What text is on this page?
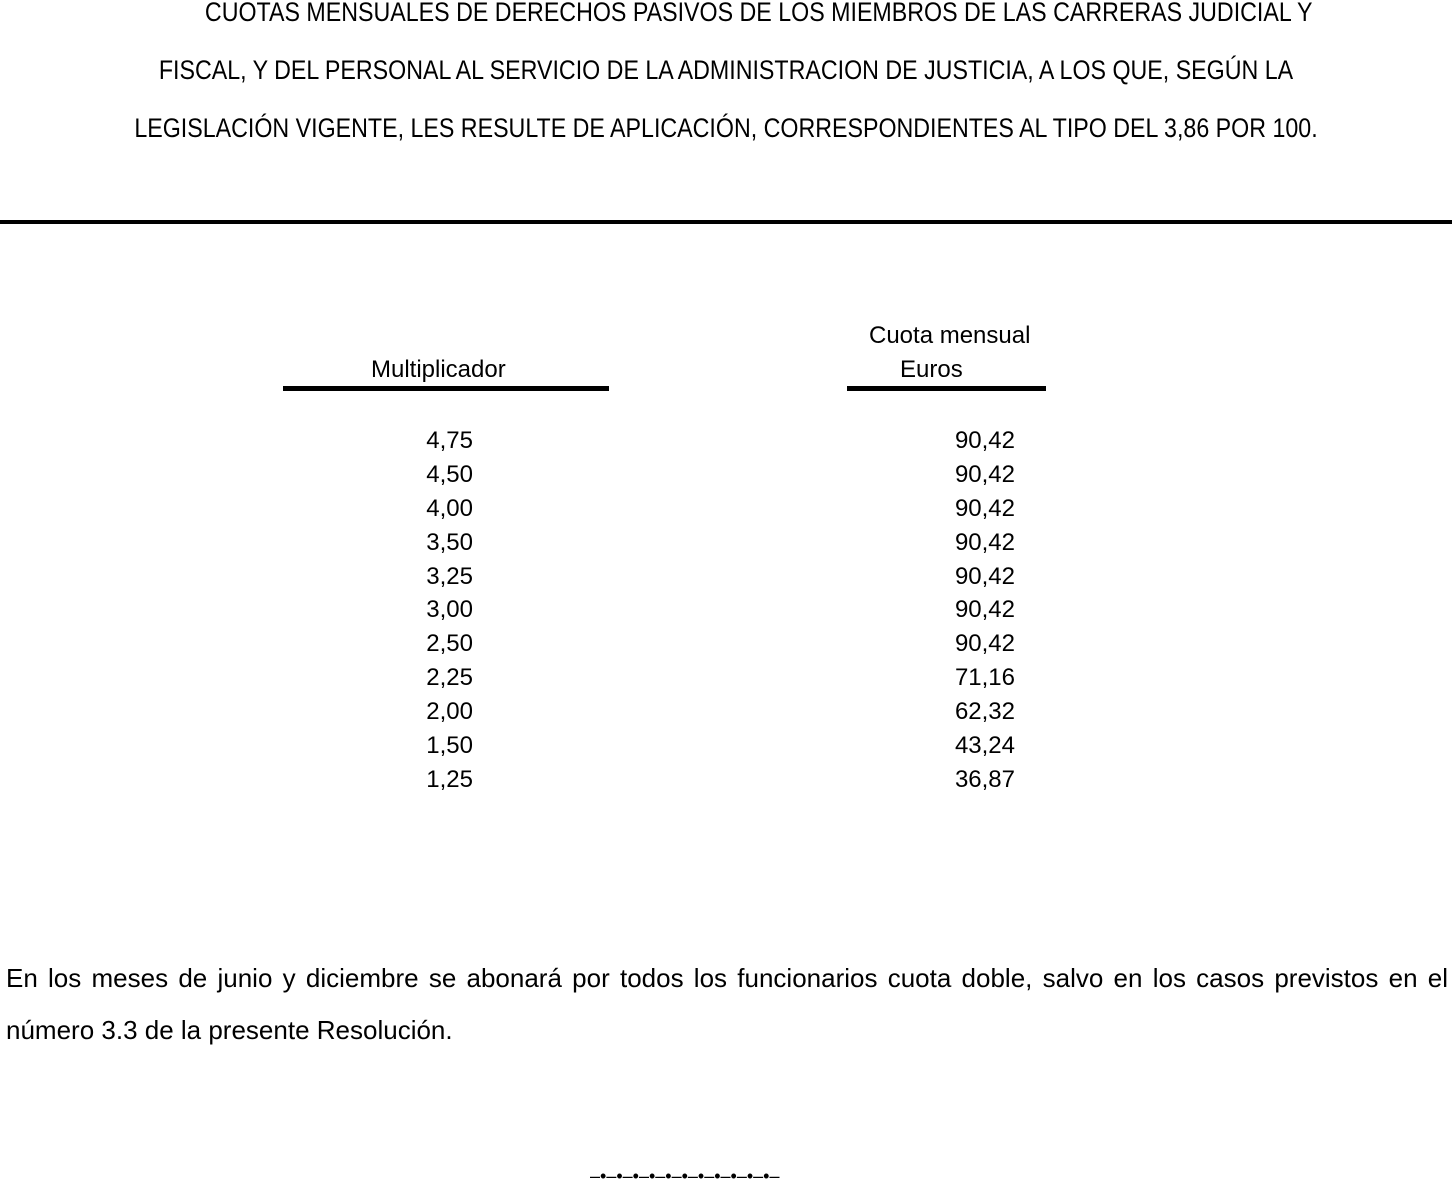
CUOTAS MENSUALES DE DERECHOS PASIVOS DE LOS MIEMBROS DE LAS CARRERAS JUDICIAL Y
FISCAL, Y DEL PERSONAL AL SERVICIO DE LA ADMINISTRACION DE JUSTICIA, A LOS QUE, SEGÚN LA
LEGISLACIÓN VIGENTE, LES RESULTE DE APLICACIÓN, CORRESPONDIENTES AL TIPO DEL 3,86 POR 100.
Multiplicador
Cuota mensual
Euros
4,75
4,50
4,00
3,50
3,25
3,00
2,50
2,25
2,00
1,50
1,25
90,42
90,42
90,42
90,42
90,42
90,42
90,42
71,16
62,32
43,24
36,87

En los meses de junio y diciembre se abonará por todos los funcionarios cuota doble, salvo en los casos previstos en el número 3.3 de la presente Resolución.

–•–•–•–•–•–•–•–•–•–•–•–
